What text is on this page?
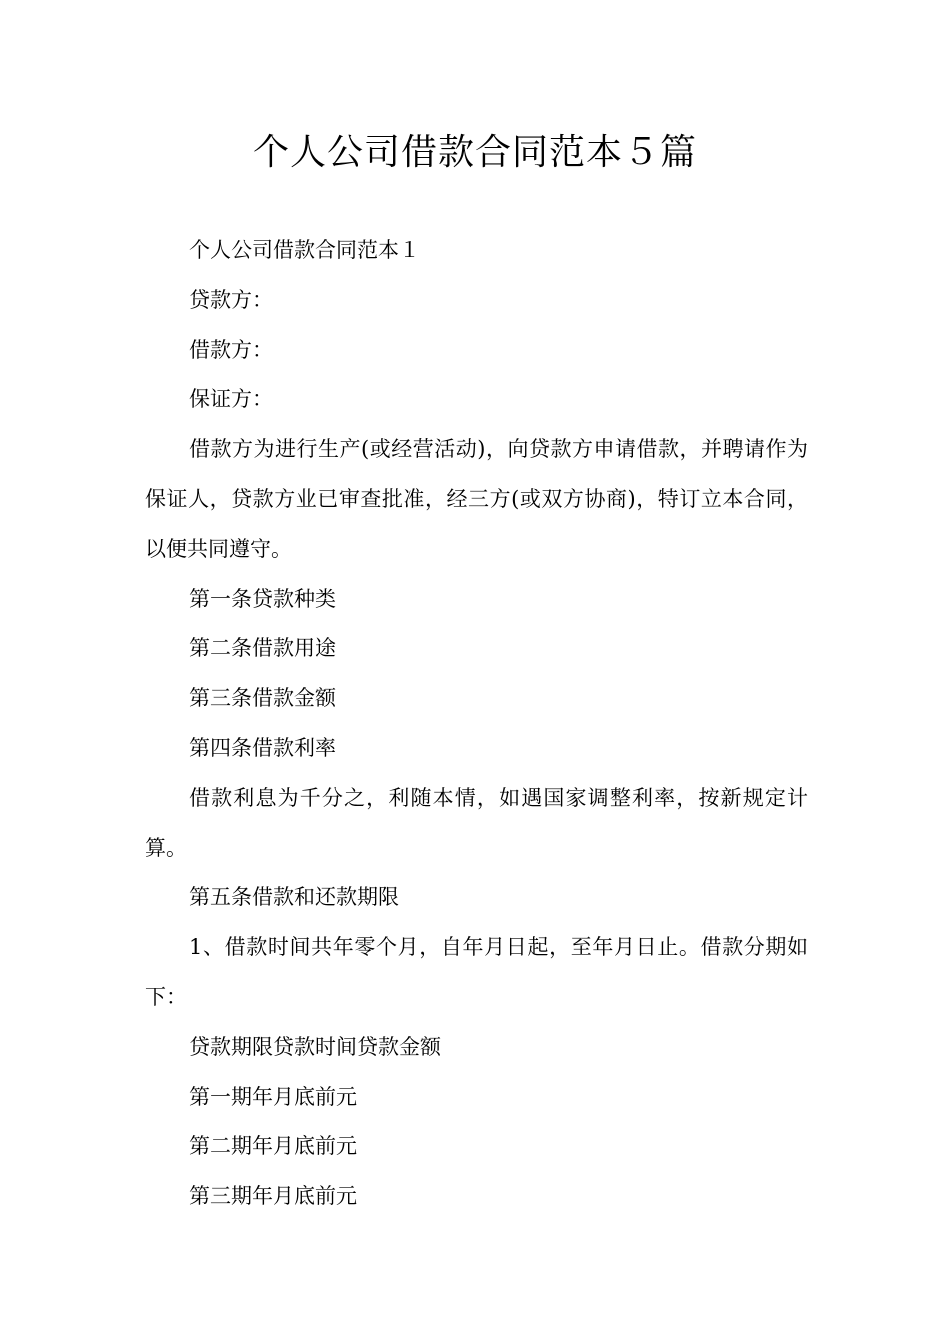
个人公司借款合同范本５篇

个人公司借款合同范本１

贷款方：

借款方：

保证方：

借款方为进行生产(或经营活动)，向贷款方申请借款，并聘请作为保证人，贷款方业已审查批准，经三方(或双方协商)，特订立本合同，以便共同遵守。

第一条贷款种类

第二条借款用途

第三条借款金额

第四条借款利率

借款利息为千分之，利随本情，如遇国家调整利率，按新规定计算。

第五条借款和还款期限

1、借款时间共年零个月，自年月日起，至年月日止。借款分期如下：

贷款期限贷款时间贷款金额

第一期年月底前元

第二期年月底前元

第三期年月底前元
